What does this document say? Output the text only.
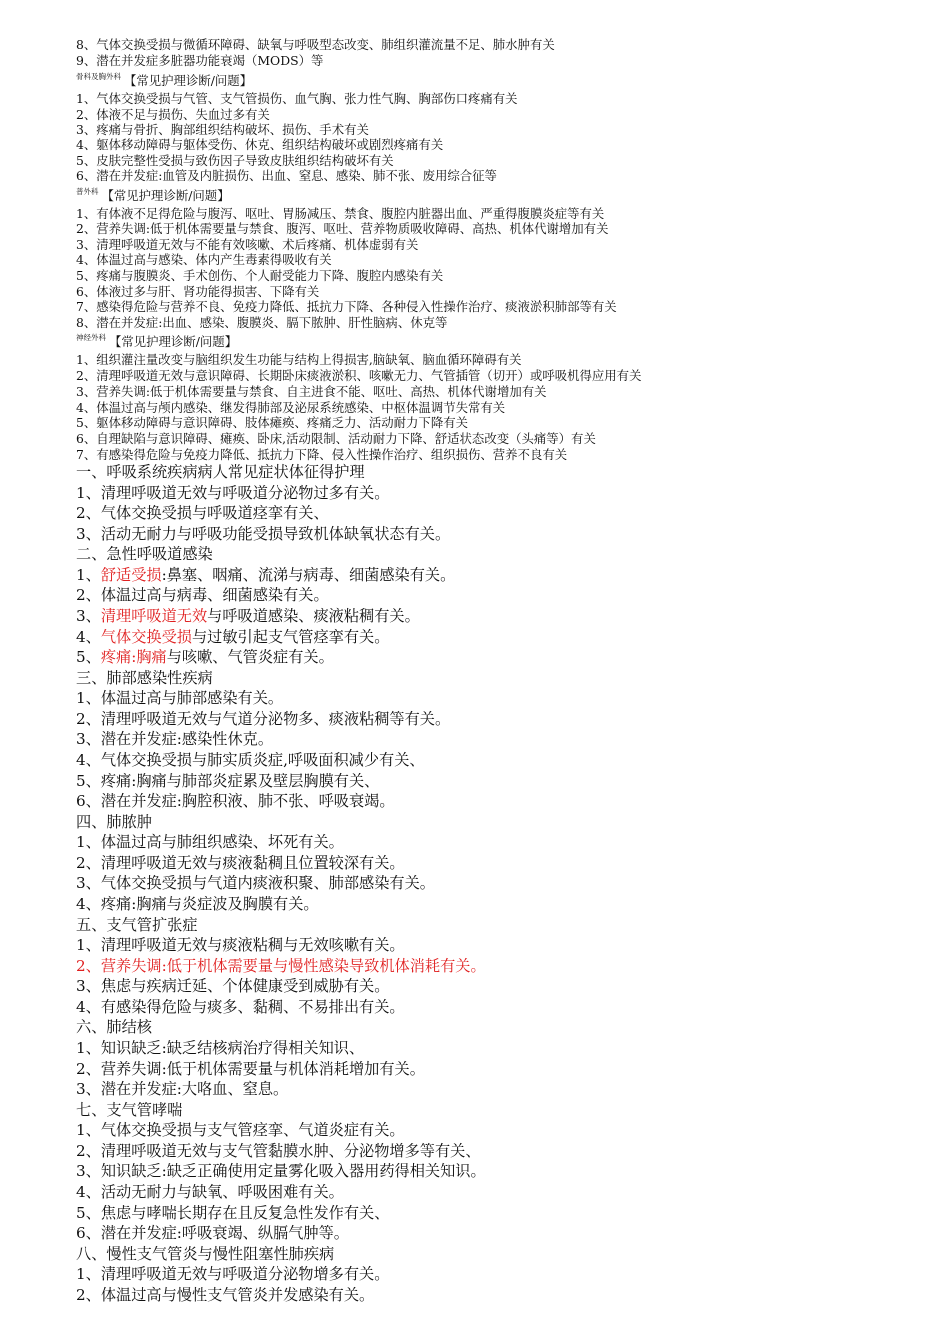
8、气体交换受损与微循环障碍、缺氧与呼吸型态改变、肺组织灌流量不足、肺水肿有关
9、潜在并发症多脏器功能衰竭（MODS）等
$^{骨科及胸外科}$ 【常见护理诊断/问题】
1、气体交换受损与气管、支气管损伤、血气胸、张力性气胸、胸部伤口疼痛有关
2、体液不足与损伤、失血过多有关
3、疼痛与骨折、胸部组织结构破坏、损伤、手术有关
4、躯体移动障碍与躯体受伤、休克、组织结构破坏或剧烈疼痛有关
5、皮肤完整性受损与致伤因子导致皮肤组织结构破坏有关
6、潜在并发症:血管及内脏损伤、出血、窒息、感染、肺不张、废用综合征等
$^{普外科}$ 【常见护理诊断/问题】
1、有体液不足得危险与腹泻、呕吐、胃肠减压、禁食、腹腔内脏器出血、严重得腹膜炎症等有关
2、营养失调:低于机体需要量与禁食、腹泻、呕吐、营养物质吸收障碍、高热、机体代谢增加有关
3、清理呼吸道无效与不能有效咳嗽、术后疼痛、机体虚弱有关
4、体温过高与感染、体内产生毒素得吸收有关
5、疼痛与腹膜炎、手术创伤、个人耐受能力下降、腹腔内感染有关
6、体液过多与肝、肾功能得损害、下降有关
7、感染得危险与营养不良、免疫力降低、抵抗力下降、各种侵入性操作治疗、痰液淤积肺部等有关
8、潜在并发症:出血、感染、腹膜炎、膈下脓肿、肝性脑病、休克等
$^{神经外科}$ 【常见护理诊断/问题】
1、组织灌注量改变与脑组织发生功能与结构上得损害,脑缺氧、脑血循环障碍有关
2、清理呼吸道无效与意识障碍、长期卧床痰液淤积、咳嗽无力、气管插管（切开）或呼吸机得应用有关
3、营养失调:低于机体需要量与禁食、自主进食不能、呕吐、高热、机体代谢增加有关
4、体温过高与颅内感染、继发得肺部及泌尿系统感染、中枢体温调节失常有关
5、躯体移动障碍与意识障碍、肢体瘫痪、疼痛乏力、活动耐力下降有关
6、自理缺陷与意识障碍、瘫痪、卧床,活动限制、活动耐力下降、舒适状态改变（头痛等）有关
7、有感染得危险与免疫力降低、抵抗力下降、侵入性操作治疗、组织损伤、营养不良有关
一、呼吸系统疾病病人常见症状体征得护理
1、清理呼吸道无效与呼吸道分泌物过多有关。
2、气体交换受损与呼吸道痉挛有关、
3、活动无耐力与呼吸功能受损导致机体缺氧状态有关。
二、急性呼吸道感染
1、舒适受损:鼻塞、咽痛、流涕与病毒、细菌感染有关。
2、体温过高与病毒、细菌感染有关。
3、清理呼吸道无效与呼吸道感染、痰液粘稠有关。
4、气体交换受损与过敏引起支气管痉挛有关。
5、疼痛:胸痛与咳嗽、气管炎症有关。
三、肺部感染性疾病
1、体温过高与肺部感染有关。
2、清理呼吸道无效与气道分泌物多、痰液粘稠等有关。
3、潜在并发症:感染性休克。
4、气体交换受损与肺实质炎症,呼吸面积减少有关、
5、疼痛:胸痛与肺部炎症累及壁层胸膜有关、
6、潜在并发症:胸腔积液、肺不张、呼吸衰竭。
四、肺脓肿
1、体温过高与肺组织感染、坏死有关。
2、清理呼吸道无效与痰液黏稠且位置较深有关。
3、气体交换受损与气道内痰液积聚、肺部感染有关。
4、疼痛:胸痛与炎症波及胸膜有关。
五、支气管扩张症
1、清理呼吸道无效与痰液粘稠与无效咳嗽有关。
2、营养失调:低于机体需要量与慢性感染导致机体消耗有关。
3、焦虑与疾病迁延、个体健康受到威胁有关。
4、有感染得危险与痰多、黏稠、不易排出有关。
六、肺结核
1、知识缺乏:缺乏结核病治疗得相关知识、
2、营养失调:低于机体需要量与机体消耗增加有关。
3、潜在并发症:大咯血、窒息。
七、支气管哮喘
1、气体交换受损与支气管痉挛、气道炎症有关。
2、清理呼吸道无效与支气管黏膜水肿、分泌物增多等有关、
3、知识缺乏:缺乏正确使用定量雾化吸入器用药得相关知识。
4、活动无耐力与缺氧、呼吸困难有关。
5、焦虑与哮喘长期存在且反复急性发作有关、
6、潜在并发症:呼吸衰竭、纵膈气肿等。
八、慢性支气管炎与慢性阻塞性肺疾病
1、清理呼吸道无效与呼吸道分泌物增多有关。
2、体温过高与慢性支气管炎并发感染有关。
